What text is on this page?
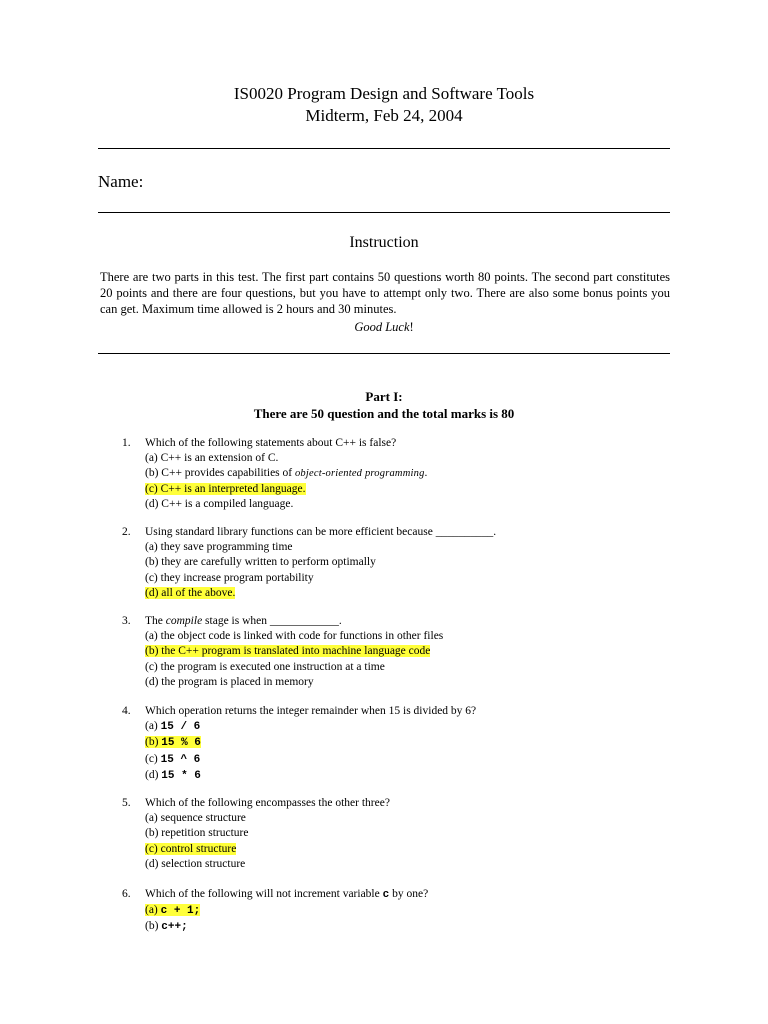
IS0020 Program Design and Software Tools
Midterm, Feb 24, 2004
Name:
Instruction
There are two parts in this test. The first part contains 50 questions worth 80 points. The second part constitutes 20 points and there are four questions, but you have to attempt only two. There are also some bonus points you can get. Maximum time allowed is 2 hours and 30 minutes.
Good Luck!
Part I:
There are 50 question and the total marks is 80
1. Which of the following statements about C++ is false?
(a) C++ is an extension of C.
(b) C++ provides capabilities of object-oriented programming.
(c) C++ is an interpreted language.
(d) C++ is a compiled language.
2. Using standard library functions can be more efficient because __________.
(a) they save programming time
(b) they are carefully written to perform optimally
(c) they increase program portability
(d) all of the above.
3. The compile stage is when ____________.
(a) the object code is linked with code for functions in other files
(b) the C++ program is translated into machine language code
(c) the program is executed one instruction at a time
(d) the program is placed in memory
4. Which operation returns the integer remainder when 15 is divided by 6?
(a) 15 / 6
(b) 15 % 6
(c) 15 ^ 6
(d) 15 * 6
5. Which of the following encompasses the other three?
(a) sequence structure
(b) repetition structure
(c) control structure
(d) selection structure
6. Which of the following will not increment variable c by one?
(a) c + 1;
(b) c++;
